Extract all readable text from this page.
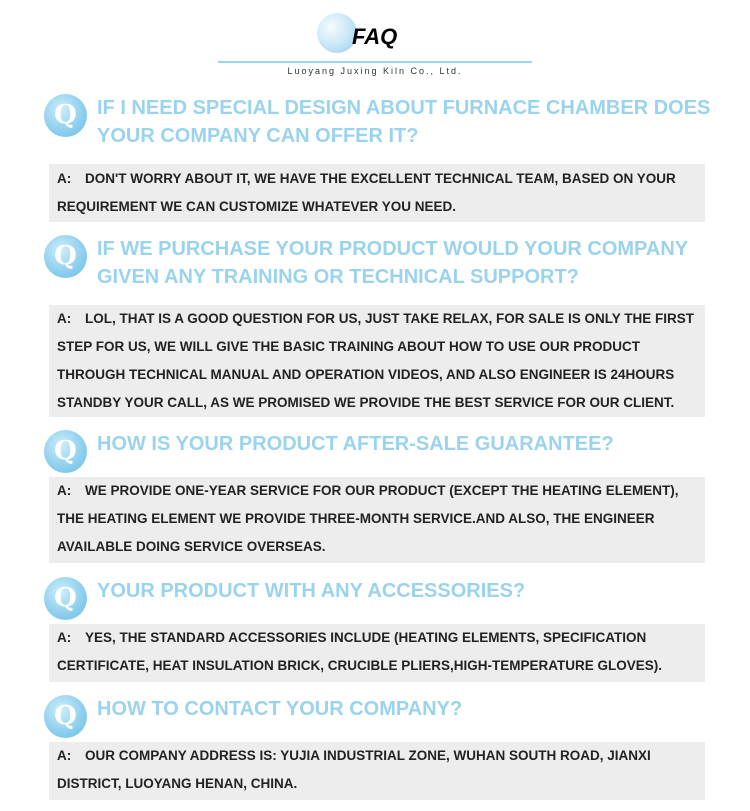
FAQ
Luoyang Juxing Kiln Co., Ltd.
Q	IF I NEED SPECIAL DESIGN ABOUT FURNACE CHAMBER DOES YOUR COMPANY CAN OFFER IT?
A: DON'T WORRY ABOUT IT, WE HAVE THE EXCELLENT TECHNICAL TEAM, BASED ON YOUR REQUIREMENT WE CAN CUSTOMIZE WHATEVER YOU NEED.
Q	IF WE PURCHASE YOUR PRODUCT WOULD YOUR COMPANY GIVEN ANY TRAINING OR TECHNICAL SUPPORT?
A: LOL, THAT IS A GOOD QUESTION FOR US, JUST TAKE RELAX, FOR SALE IS ONLY THE FIRST STEP FOR US, WE WILL GIVE THE BASIC TRAINING ABOUT HOW TO USE OUR PRODUCT THROUGH TECHNICAL MANUAL AND OPERATION VIDEOS, AND ALSO ENGINEER IS 24HOURS STANDBY YOUR CALL, AS WE PROMISED WE PROVIDE THE BEST SERVICE FOR OUR CLIENT.
Q	HOW IS YOUR PRODUCT AFTER-SALE GUARANTEE?
A: WE PROVIDE ONE-YEAR SERVICE FOR OUR PRODUCT (EXCEPT THE HEATING ELEMENT), THE HEATING ELEMENT WE PROVIDE THREE-MONTH SERVICE.AND ALSO, THE ENGINEER AVAILABLE DOING SERVICE OVERSEAS.
Q	YOUR PRODUCT WITH ANY ACCESSORIES?
A: YES, THE STANDARD ACCESSORIES INCLUDE (HEATING ELEMENTS, SPECIFICATION CERTIFICATE, HEAT INSULATION BRICK, CRUCIBLE PLIERS,HIGH-TEMPERATURE GLOVES).
Q	HOW TO CONTACT YOUR COMPANY?
A: OUR COMPANY ADDRESS IS: YUJIA INDUSTRIAL ZONE, WUHAN SOUTH ROAD, JIANXI DISTRICT, LUOYANG HENAN, CHINA.
